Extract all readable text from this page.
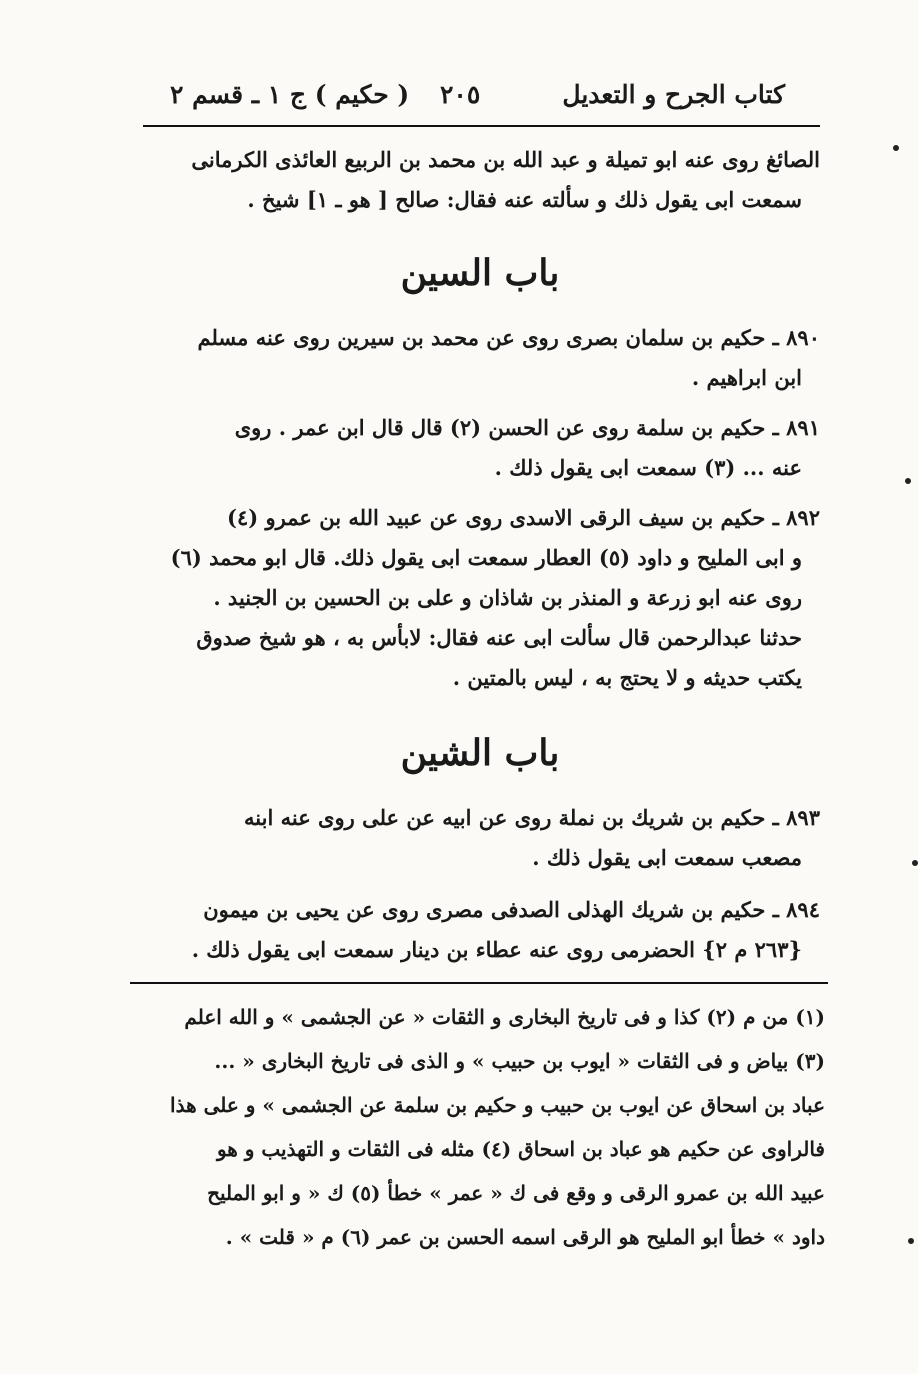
كتاب الجرح و التعديل
٢٠٥
( حكيم ) ج ١ ـ قسم ٢
الصائغ روى عنه ابو تميلة و عبد الله بن محمد بن الربيع العائذى الكرمانى
سمعت ابى يقول ذلك و سألته عنه فقال: صالح [ هو ـ ١] شيخ .
باب السين
٨٩٠ ـ حكيم بن سلمان بصرى روى عن محمد بن سيرين روى عنه مسلم
ابن ابراهيم .
٨٩١ ـ حكيم بن سلمة روى عن الحسن (٢) قال قال ابن عمر . روى
عنه ... (٣) سمعت ابى يقول ذلك .
٨٩٢ ـ حكيم بن سيف الرقى الاسدى روى عن عبيد الله بن عمرو (٤)
و ابى المليح و داود (٥) العطار سمعت ابى يقول ذلك. قال ابو محمد (٦)
روى عنه ابو زرعة و المنذر بن شاذان و على بن الحسين بن الجنيد .
حدثنا عبدالرحمن قال سألت ابى عنه فقال: لابأس به ، هو شيخ صدوق
يكتب حديثه و لا يحتج به ، ليس بالمتين .
باب الشين
٨٩٣ ـ حكيم بن شريك بن نملة روى عن ابيه عن على روى عنه ابنه
مصعب سمعت ابى يقول ذلك .
٨٩٤ ـ حكيم بن شريك الهذلى الصدفى مصرى روى عن يحيى بن ميمون
{٢٦٣ م ٢} الحضرمى روى عنه عطاء بن دينار سمعت ابى يقول ذلك .
(١) من م (٢) كذا و فى تاريخ البخارى و الثقات « عن الجشمى » و الله اعلم
(٣) بياض و فى الثقات « ايوب بن حبيب » و الذى فى تاريخ البخارى « ...
عباد بن اسحاق عن ايوب بن حبيب و حكيم بن سلمة عن الجشمى » و على هذا
فالراوى عن حكيم هو عباد بن اسحاق (٤) مثله فى الثقات و التهذيب و هو
عبيد الله بن عمرو الرقى و وقع فى ك « عمر » خطأ (٥) ك « و ابو المليح
داود » خطأ ابو المليح هو الرقى اسمه الحسن بن عمر (٦) م « قلت » .
